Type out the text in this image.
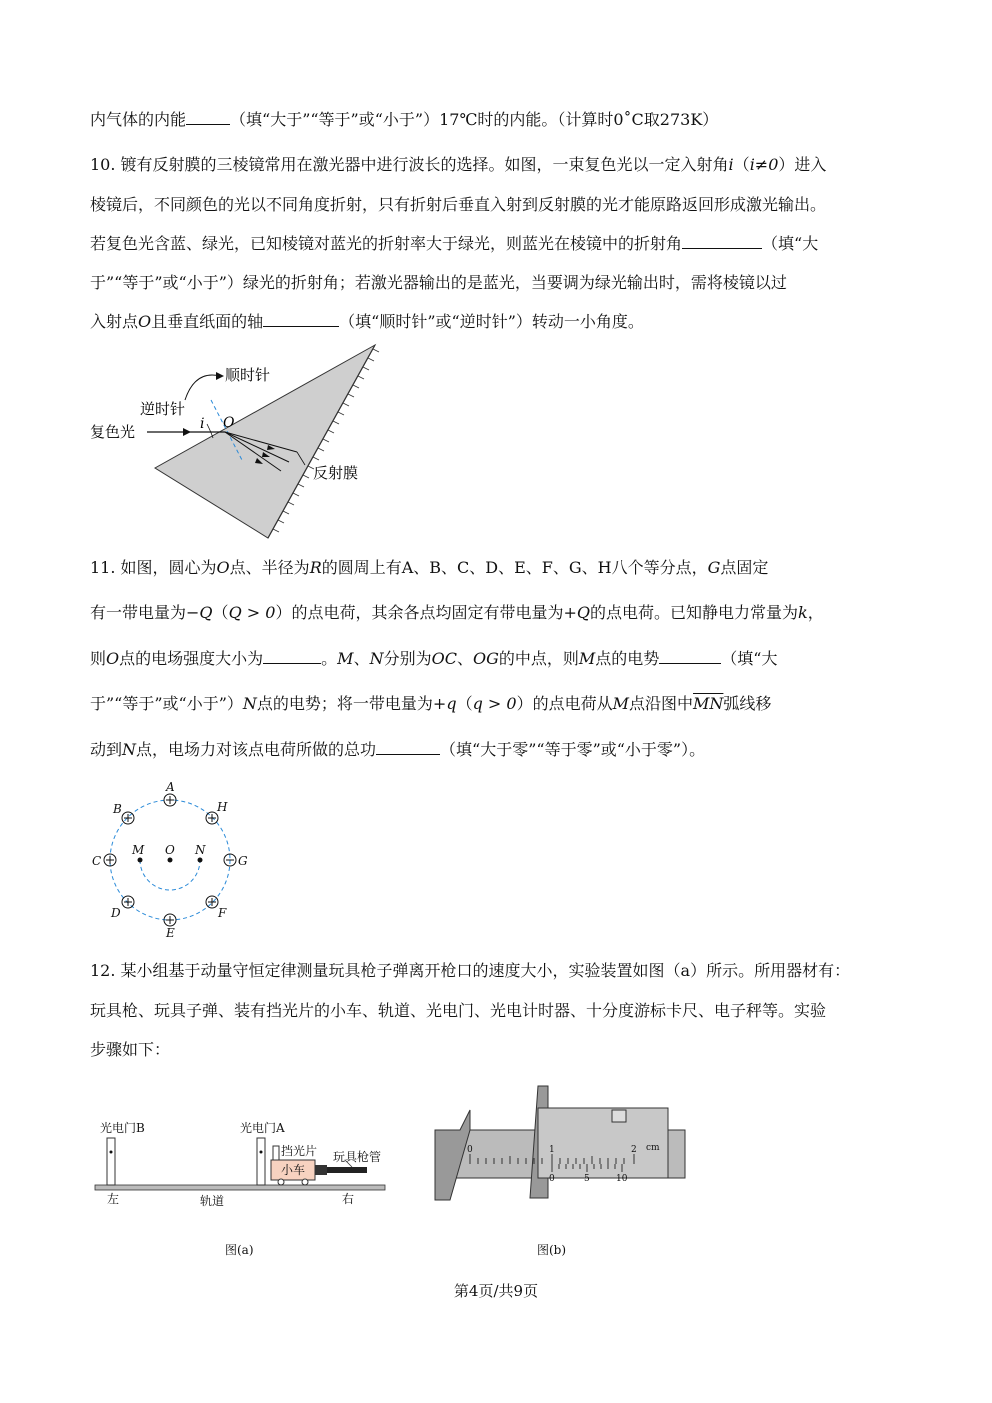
内气体的内能	（填“大于”“等于”或“小于”）17℃时的内能。（计算时0˚C取273K）
10. 镀有反射膜的三棱镜常用在激光器中进行波长的选择。如图，一束复色光以一定入射角i（i≠0）进入
棱镜后，不同颜色的光以不同角度折射，只有折射后垂直入射到反射膜的光才能原路返回形成激光输出。
若复色光含蓝、绿光，已知棱镜对蓝光的折射率大于绿光，则蓝光在棱镜中的折射角	（填“大
于”“等于”或“小于”）绿光的折射角；若激光器输出的是蓝光，当要调为绿光输出时，需将棱镜以过
入射点O且垂直纸面的轴	（填“顺时针”或“逆时针”）转动一小角度。
顺时针
逆时针
复色光	i O
反射膜
11. 如图，圆心为O点、半径为R的圆周上有A、B、C、D、E、F、G、H八个等分点，G点固定
有一带电量为−Q（Q > 0）的点电荷，其余各点均固定有带电量为+Q的点电荷。已知静电力常量为k，
则O点的电场强度大小为	。M、N分别为OC、OG的中点，则M点的电势	（填“大
于”“等于”或“小于”）N点的电势；将一带电量为+q（q > 0）的点电荷从M点沿图中$\overline{MN}$弧线移
动到N点，电场力对该点电荷所做的总功	（填“大于零”“等于零”或“小于零”）。
A
B
C
D
E
F
G
H
M O N
12. 某小组基于动量守恒定律测量玩具枪子弹离开枪口的速度大小，实验装置如图（a）所示。所用器材有：
玩具枪、玩具子弹、装有挡光片的小车、轨道、光电门、光电计时器、十分度游标卡尺、电子秤等。实验
步骤如下：
光电门B	光电门A
挡光片
小车
玩具枪管
左	轨道	右
图(a)
0	1	2 cm
0	5	10
图(b)
第4页/共9页
